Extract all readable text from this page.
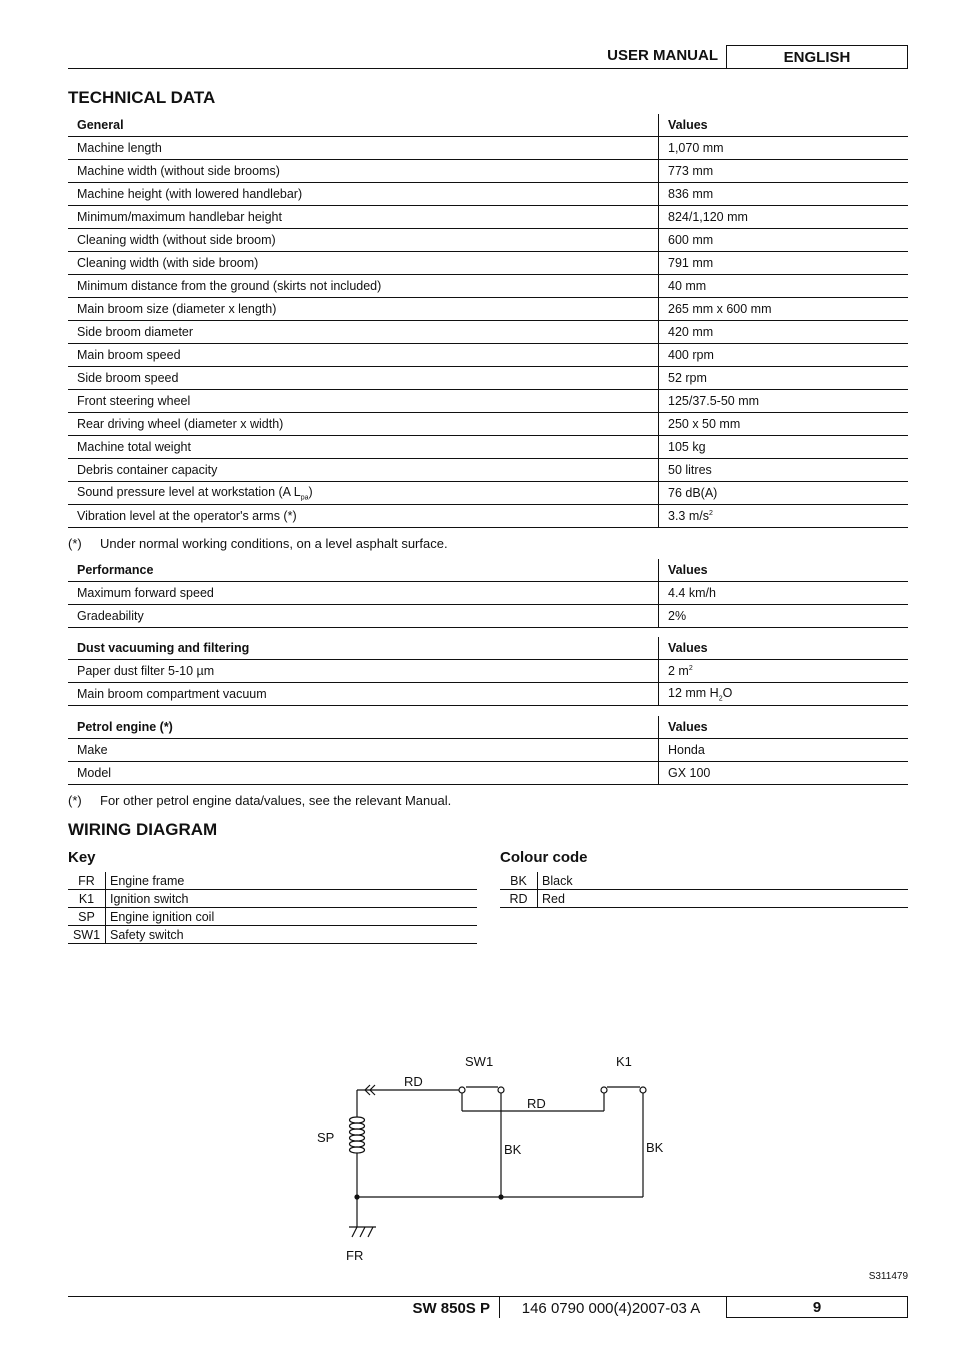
USER MANUAL	ENGLISH
TECHNICAL DATA
General	Values
Machine length	1,070 mm
Machine width (without side brooms)	773 mm
Machine height (with lowered handlebar)	836 mm
Minimum/maximum handlebar height	824/1,120 mm
Cleaning width (without side broom)	600 mm
Cleaning width (with side broom)	791 mm
Minimum distance from the ground (skirts not included)	40 mm
Main broom size (diameter x length)	265 mm x 600 mm
Side broom diameter	420 mm
Main broom speed	400 rpm
Side broom speed	52 rpm
Front steering wheel	125/37.5-50 mm
Rear driving wheel (diameter x width)	250 x 50 mm
Machine total weight	105 kg
Debris container capacity	50 litres
Sound pressure level at workstation (A $L_{pa}$)	76 dB(A)
Vibration level at the operator's arms (*)	3.3 $m/s^2$
(*) Under normal working conditions, on a level asphalt surface.
Performance	Values
Maximum forward speed	4.4 km/h
Gradeability	2%
Dust vacuuming and filtering	Values
Paper dust filter 5-10 µm	2 $m^2$
Main broom compartment vacuum	12 mm $H_2O$
Petrol engine (*)	Values
Make	Honda
Model	GX 100
(*) For other petrol engine data/values, see the relevant Manual.
WIRING DIAGRAM
Key	Colour code
FR	Engine frame
K1	Ignition switch
SP	Engine ignition coil
SW1	Safety switch
BK	Black
RD	Red
SW1	K1
RD
RD
SP
BK	BK
FR
S311479
SW 850S P	146 0790 000(4)2007-03 A	9
